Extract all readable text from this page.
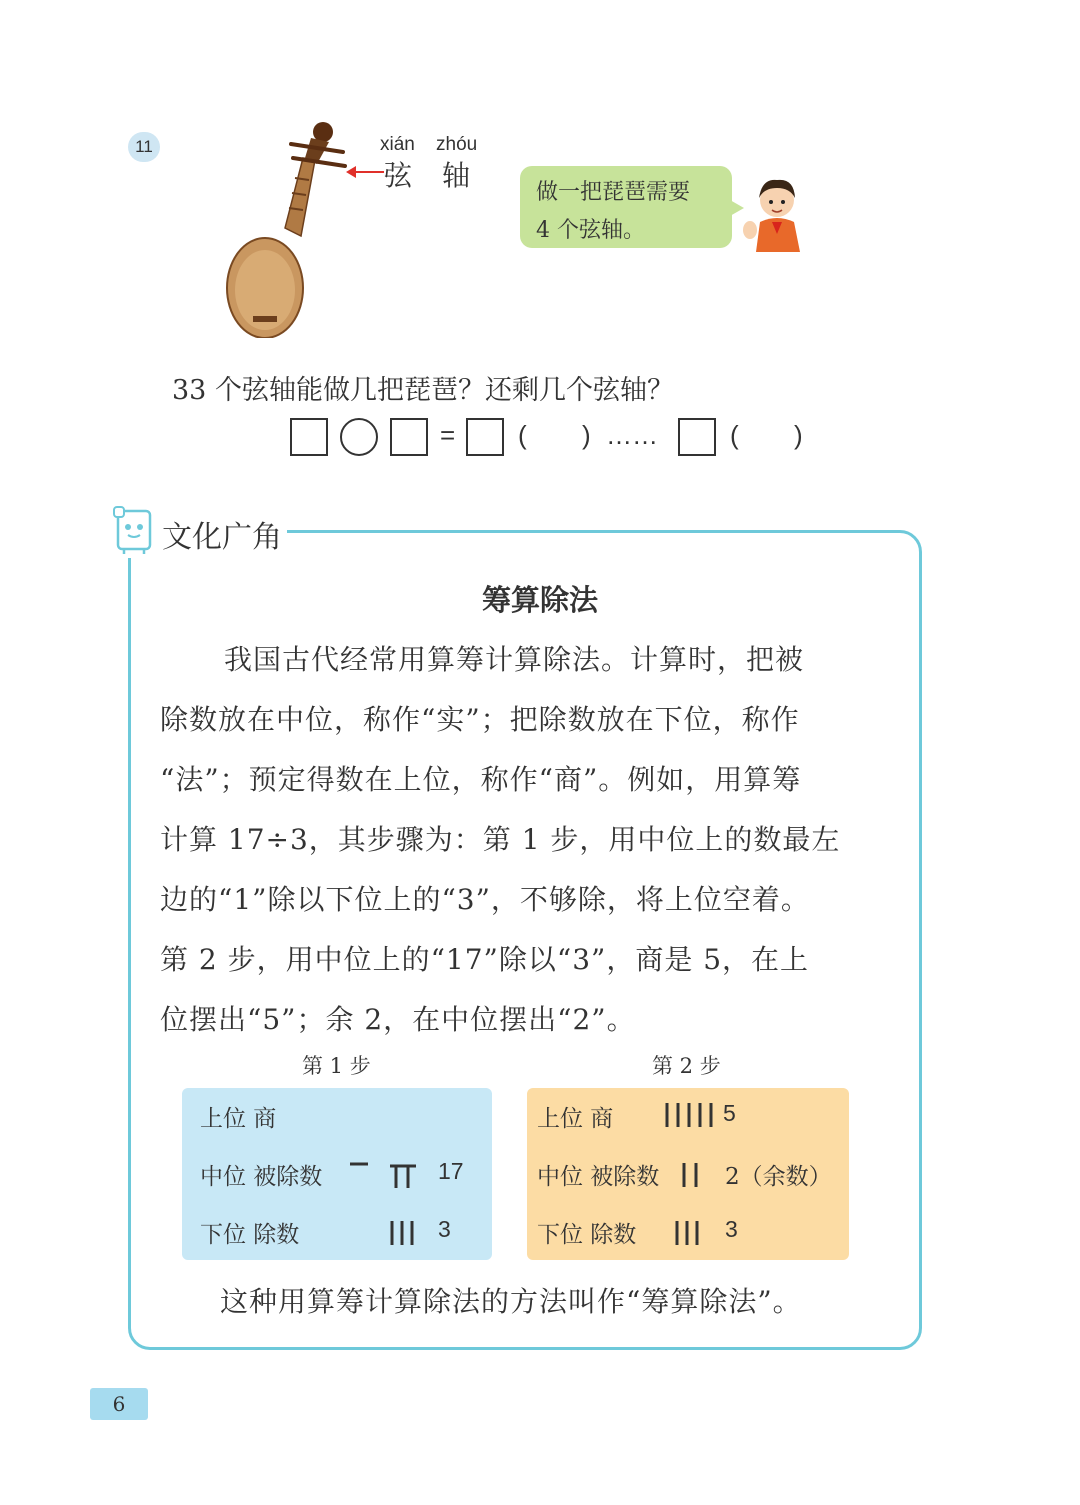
11	xián zhóu
弦 轴
做一把琵琶需要
4 个弦轴。
33 个弦轴能做几把琵琶？还剩几个弦轴？
= ( ) ……	( )
文化广角
筹算除法
我国古代经常用算筹计算除法。计算时，把被
除数放在中位，称作“实”；把除数放在下位，称作
“法”；预定得数在上位，称作“商”。例如，用算筹
计算 17÷3，其步骤为：第 1 步，用中位上的数最左
边的“1”除以下位上的“3”，不够除，将上位空着。
第 2 步，用中位上的“17”除以“3”，商是 5，在上
位摆出“5”；余 2，在中位摆出“2”。
第 1 步	第 2 步
上位 商
中位 被除数	17
下位 除数	3
上位 商	5
中位 被除数	2（余数）
下位 除数	3
这种用算筹计算除法的方法叫作“筹算除法”。
6
